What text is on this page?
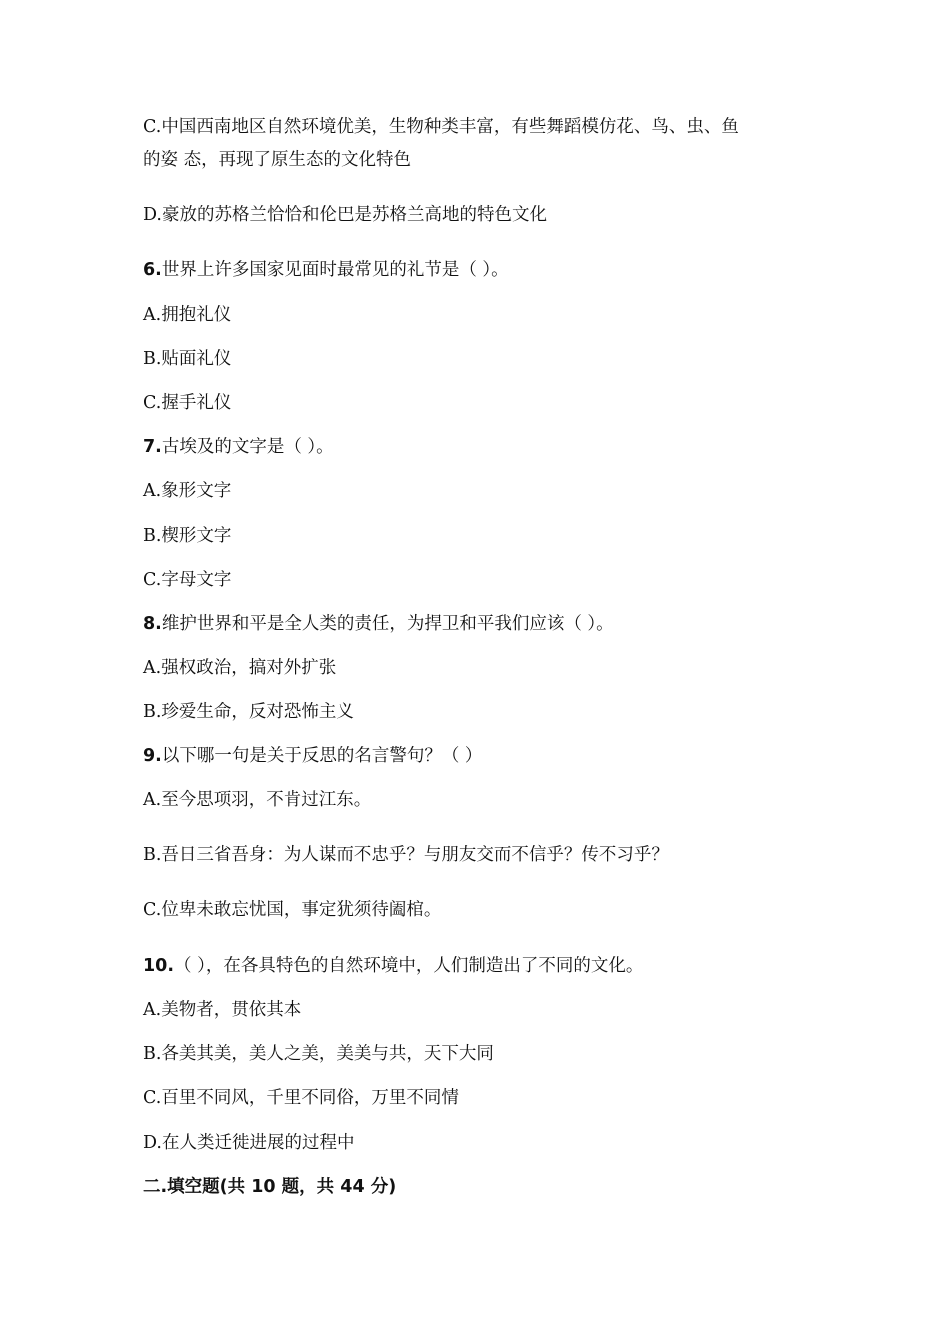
C.中国西南地区自然环境优美，生物种类丰富，有些舞蹈模仿花、鸟、虫、鱼
的姿 态，再现了原生态的文化特色
D.豪放的苏格兰恰恰和伦巴是苏格兰高地的特色文化
6.世界上许多国家见面时最常见的礼节是（ ）。
A.拥抱礼仪
B.贴面礼仪
C.握手礼仪
7.古埃及的文字是（ ）。
A.象形文字
B.楔形文字
C.字母文字
8.维护世界和平是全人类的责任，为捍卫和平我们应该（ ）。
A.强权政治，搞对外扩张
B.珍爱生命，反对恐怖主义
9.以下哪一句是关于反思的名言警句？（ ）
A.至今思项羽，不肯过江东。
B.吾日三省吾身：为人谋而不忠乎？与朋友交而不信乎？传不习乎？
C.位卑未敢忘忧国，事定犹须待阖棺。
10.（ ），在各具特色的自然环境中，人们制造出了不同的文化。
A.美物者，贯依其本
B.各美其美，美人之美，美美与共，天下大同
C.百里不同风，千里不同俗，万里不同情
D.在人类迁徙进展的过程中
二.填空题(共 10 题，共 44 分)
